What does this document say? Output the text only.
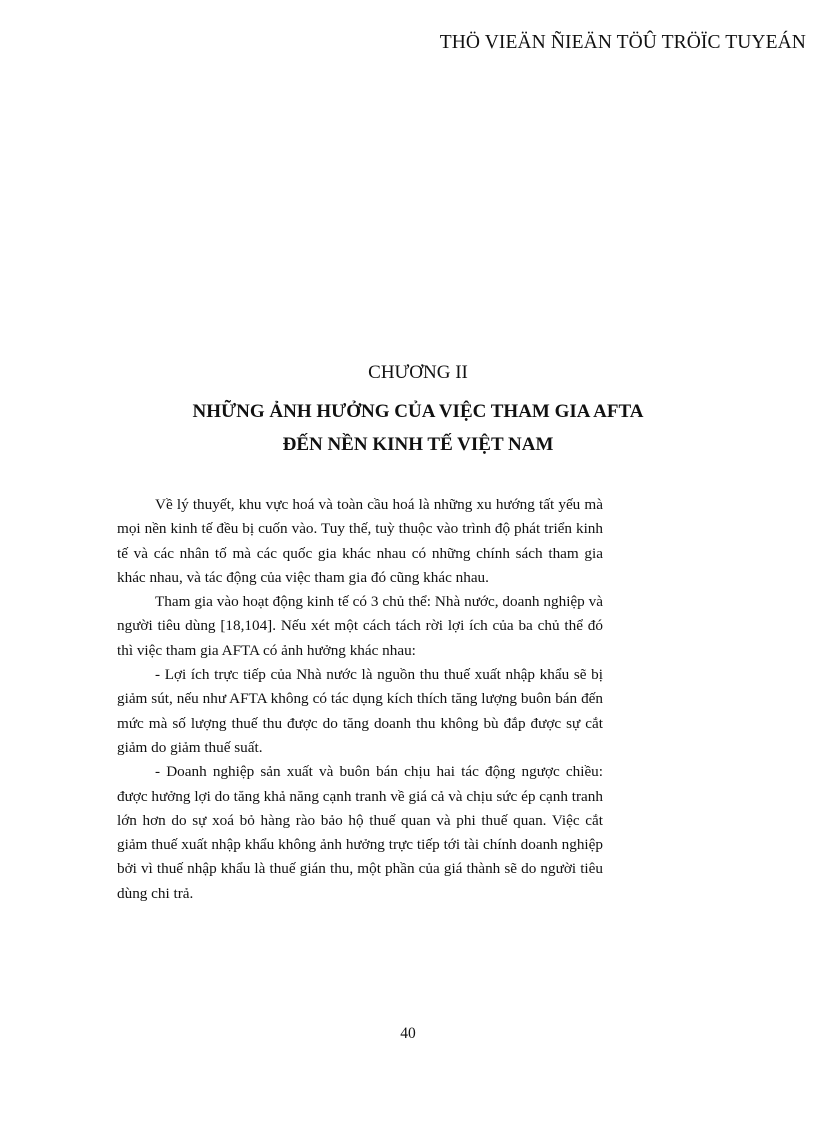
THÖ VIEÄN ÑIEÄN TÖÛ TRÖÏC TUYEÁN
CHƯƠNG II
NHỮNG ẢNH HƯỞNG CỦA VIỆC THAM GIA AFTA
ĐẾN NỀN KINH TẾ VIỆT NAM

Về lý thuyết, khu vực hoá và toàn cầu hoá là những xu hướng tất yếu mà mọi nền kinh tế đều bị cuốn vào. Tuy thế, tuỳ thuộc vào trình độ phát triển kinh tế và các nhân tố mà các quốc gia khác nhau có những chính sách tham gia khác nhau, và tác động của việc tham gia đó cũng khác nhau.

Tham gia vào hoạt động kinh tế có 3 chủ thể: Nhà nước, doanh nghiệp và người tiêu dùng [18,104]. Nếu xét một cách tách rời lợi ích của ba chủ thể đó thì việc tham gia AFTA có ảnh hưởng khác nhau:

- Lợi ích trực tiếp của Nhà nước là nguồn thu thuế xuất nhập khẩu sẽ bị giảm sút, nếu như AFTA không có tác dụng kích thích tăng lượng buôn bán đến mức mà số lượng thuế thu được do tăng doanh thu không bù đắp được sự cắt giảm do giảm thuế suất.

- Doanh nghiệp sản xuất và buôn bán chịu hai tác động ngược chiều: được hưởng lợi do tăng khả năng cạnh tranh về giá cả và chịu sức ép cạnh tranh lớn hơn do sự xoá bỏ hàng rào bảo hộ thuế quan và phi thuế quan. Việc cắt giảm thuế xuất nhập khẩu không ảnh hưởng trực tiếp tới tài chính doanh nghiệp bởi vì thuế nhập khẩu là thuế gián thu, một phần của giá thành sẽ do người tiêu dùng chi trả.

40
